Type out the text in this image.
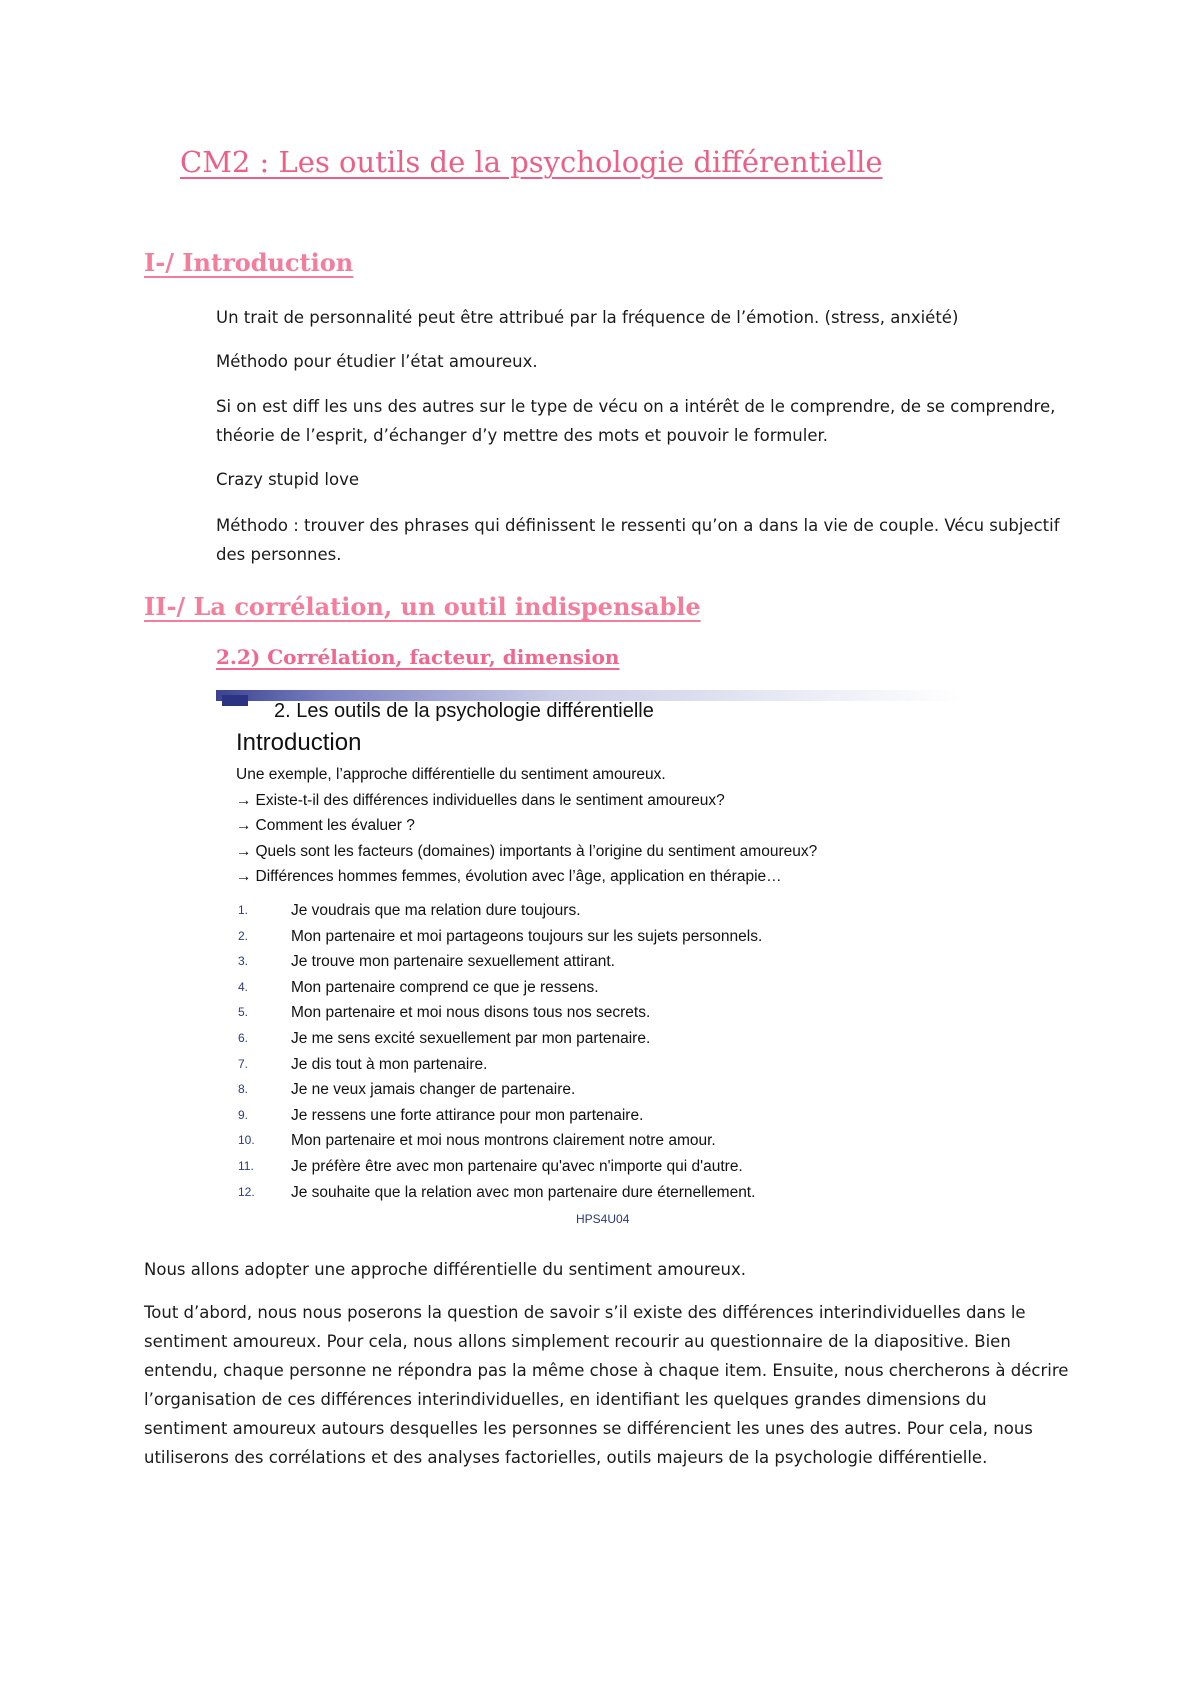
CM2 : Les outils de la psychologie différentielle
I-/ Introduction

Un trait de personnalité peut être attribué par la fréquence de l’émotion. (stress, anxiété)

Méthodo pour étudier l’état amoureux.

Si on est diff les uns des autres sur le type de vécu on a intérêt de le comprendre, de se comprendre, théorie de l’esprit, d’échanger d’y mettre des mots et pouvoir le formuler.

Crazy stupid love

Méthodo : trouver des phrases qui définissent le ressenti qu’on a dans la vie de couple. Vécu subjectif des personnes.

II-/ La corrélation, un outil indispensable
2.2) Corrélation, facteur, dimension
2. Les outils de la psychologie différentielle
Introduction
Une exemple, l’approche différentielle du sentiment amoureux.
→ Existe-t-il des différences individuelles dans le sentiment amoureux?
→ Comment les évaluer ?
→ Quels sont les facteurs (domaines) importants à l’origine du sentiment amoureux?
→ Différences hommes femmes, évolution avec l’âge, application en thérapie…
1.	Je voudrais que ma relation dure toujours.
2.	Mon partenaire et moi partageons toujours sur les sujets personnels.
3.	Je trouve mon partenaire sexuellement attirant.
4.	Mon partenaire comprend ce que je ressens.
5.	Mon partenaire et moi nous disons tous nos secrets.
6.	Je me sens excité sexuellement par mon partenaire.
7.	Je dis tout à mon partenaire.
8.	Je ne veux jamais changer de partenaire.
9.	Je ressens une forte attirance pour mon partenaire.
10.	Mon partenaire et moi nous montrons clairement notre amour.
11.	Je préfère être avec mon partenaire qu'avec n'importe qui d'autre.
12.	Je souhaite que la relation avec mon partenaire dure éternellement.
HPS4U04

Nous allons adopter une approche différentielle du sentiment amoureux.

Tout d’abord, nous nous poserons la question de savoir s’il existe des différences interindividuelles dans le sentiment amoureux. Pour cela, nous allons simplement recourir au questionnaire de la diapositive. Bien entendu, chaque personne ne répondra pas la même chose à chaque item. Ensuite, nous chercherons à décrire l’organisation de ces différences interindividuelles, en identifiant les quelques grandes dimensions du sentiment amoureux autours desquelles les personnes se différencient les unes des autres. Pour cela, nous utiliserons des corrélations et des analyses factorielles, outils majeurs de la psychologie différentielle.
